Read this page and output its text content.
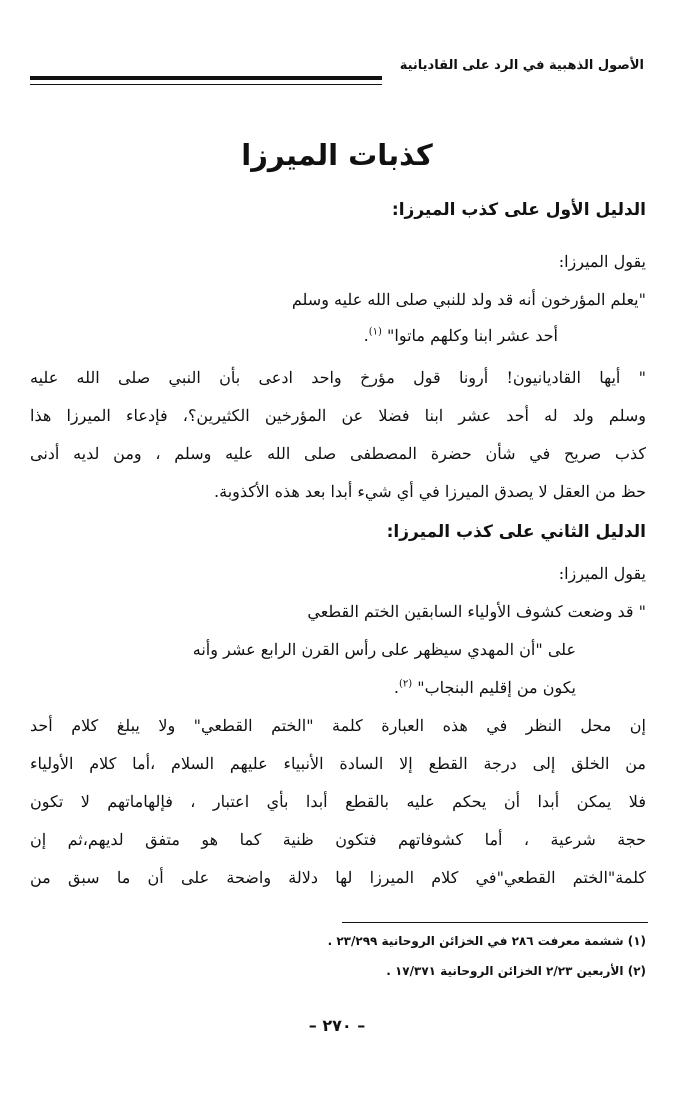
الأصول الذهبية في الرد على القاديانية
كذبات الميرزا
الدليل الأول على كذب الميرزا:
يقول الميرزا:
"يعلم المؤرخون أنه قد ولد للنبي صلى الله عليه وسلم
أحد عشر ابنا وكلهم ماتوا" $^{(١)}$.
" أيها القاديانيون! أرونا قول مؤرخ واحد ادعى بأن النبي صلى الله عليه
وسلم ولد له أحد عشر ابنا فضلا عن المؤرخين الكثيرين؟، فإدعاء الميرزا هذا
كذب صريح في شأن حضرة المصطفى صلى الله عليه وسلم ، ومن لديه أدنى
حظ من العقل لا يصدق الميرزا في أي شيء أبدا بعد هذه الأكذوبة.
الدليل الثاني على كذب الميرزا:
يقول الميرزا:
" قد وضعت كشوف الأولياء السابقين الختم القطعي
على "أن المهدي سيظهر على رأس القرن الرابع عشر وأنه
يكون من إقليم البنجاب" $^{(٢)}$.
إن محل النظر في هذه العبارة كلمة "الختم القطعي" ولا يبلغ كلام أحد
من الخلق إلى درجة القطع إلا السادة الأنبياء عليهم السلام ،أما كلام الأولياء
فلا يمكن أبدا أن يحكم عليه بالقطع أبدا بأي اعتبار ، فإلهاماتهم لا تكون
حجة شرعية ، أما كشوفاتهم فتكون ظنية كما هو متفق لديهم،ثم إن
كلمة"الختم القطعي"في كلام الميرزا لها دلالة واضحة على أن ما سبق من
(١) ششمة معرفت ٢٨٦ في الخزائن الروحانية ٢٣/٢٩٩ .
(٢) الأربعين ٢/٢٣ الخزائن الروحانية ١٧/٣٧١ .
– ٢٧٠ –
